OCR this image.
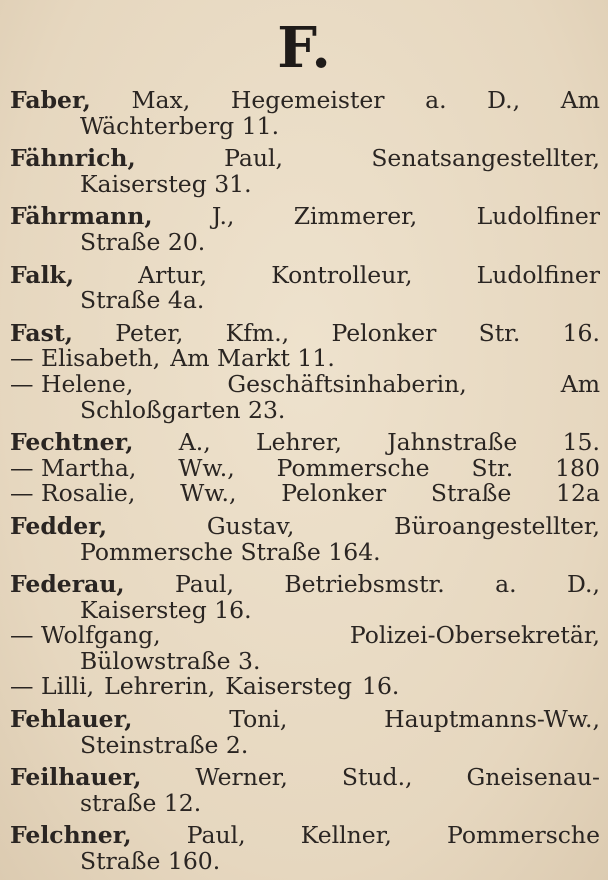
F.
Faber, Max, Hegemeister a. D., Am
Wächterberg 11.
Fähnrich,	Paul,	Senatsangestellter,
Kaisersteg 31.
Fährmann,	J.,	Zimmerer,	Ludolfiner
Straße 20.
Falk,	Artur,	Kontrolleur,	Ludolfiner
Straße 4a.
Fast, Peter, Kfm., Pelonker Str. 16.
— Elisabeth, Am Markt 11.
— Helene,	Geschäftsinhaberin,	Am
Schloßgarten 23.
Fechtner, A., Lehrer, Jahnstraße 15.
— Martha, Ww., Pommersche Str. 180
— Rosalie, Ww., Pelonker Straße 12a
Fedder,	Gustav,	Büroangestellter,
Pommersche Straße 164.
Federau, Paul, Betriebsmstr. a. D.,
Kaisersteg 16.
— Wolfgang,	Polizei-Obersekretär,
Bülowstraße 3.
— Lilli, Lehrerin, Kaisersteg 16.
Fehlauer,	Toni,	Hauptmanns-Ww.,
Steinstraße 2.
Feilhauer, Werner, Stud., Gneisenau-
straße 12.
Felchner, Paul, Kellner, Pommersche
Straße 160.
